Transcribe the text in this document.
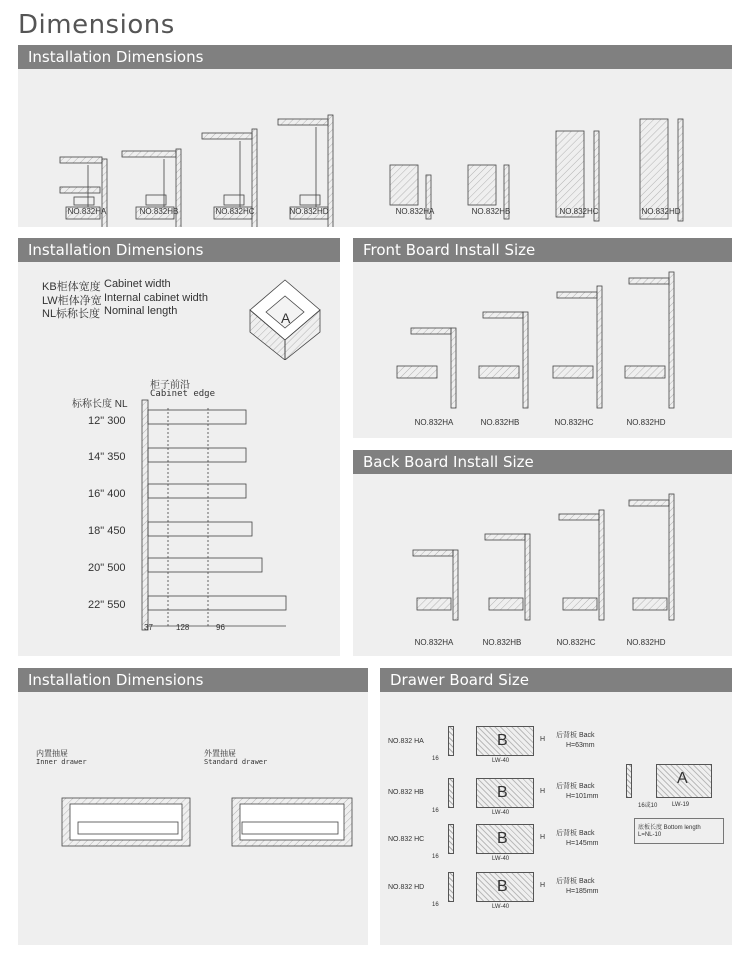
Dimensions
Installation Dimensions
NO.832HA	NO.832HB	NO.832HC	NO.832HD	NO.832HA	NO.832HB	NO.832HC	NO.832HD
Installation Dimensions
KB柜体宽度 Cabinet width
LW柜体净宽 Internal cabinet width
NL标称长度 Nominal length	A
柜子前沿
Cabinet edge
标称长度 NL
12" 300
14" 350
16" 400
18" 450
20" 500
22" 550
37	128	96
Front Board Install Size
NO.832HA	NO.832HB	NO.832HC	NO.832HD
Back Board Install Size
NO.832HA	NO.832HB	NO.832HC	NO.832HD
Installation Dimensions
内置抽屉
Inner drawer
外置抽屉
Standard drawer
Drawer Board Size
NO.832 HA	B	H
后背板 Back
H=63mm
16	LW-40
NO.832 HB	B	H
后背板 Back
H=101mm
16	LW-40
NO.832 HC	B	H
后背板 Back
H=145mm
16	LW-40
NO.832 HD	B	H
后背板 Back
H=185mm
16	LW-40
A
16或10 LW-19
底板长度 Bottom length
L=NL-10
